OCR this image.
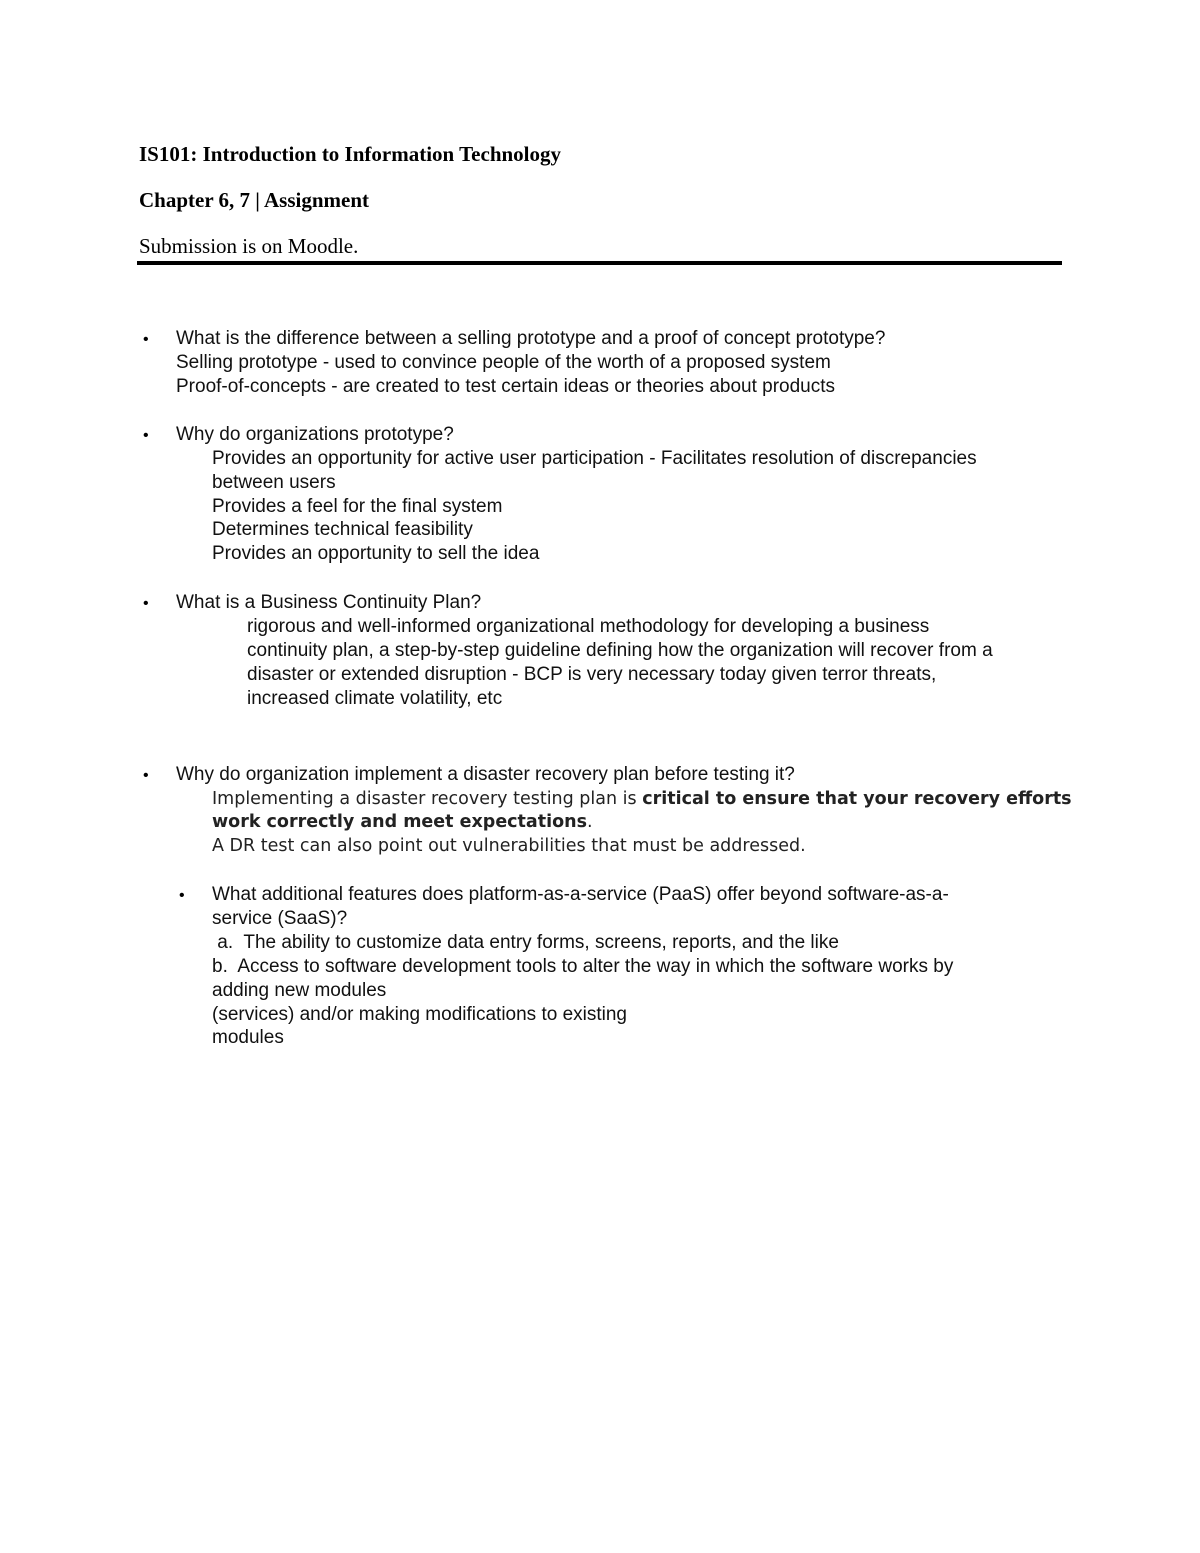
IS101: Introduction to Information Technology
Chapter 6, 7 | Assignment
Submission is on Moodle.
• What is the difference between a selling prototype and a proof of concept prototype?
Selling prototype - used to convince people of the worth of a proposed system
Proof-of-concepts - are created to test certain ideas or theories about products
• Why do organizations prototype?
Provides an opportunity for active user participation - Facilitates resolution of discrepancies
between users
Provides a feel for the final system
Determines technical feasibility
Provides an opportunity to sell the idea
• What is a Business Continuity Plan?
rigorous and well-informed organizational methodology for developing a business
continuity plan, a step-by-step guideline defining how the organization will recover from a
disaster or extended disruption - BCP is very necessary today given terror threats,
increased climate volatility, etc
• Why do organization implement a disaster recovery plan before testing it?
Implementing a disaster recovery testing plan is critical to ensure that your recovery efforts
work correctly and meet expectations.
A DR test can also point out vulnerabilities that must be addressed.
• What additional features does platform-as-a-service (PaaS) offer beyond software-as-a-
service (SaaS)?
a.  The ability to customize data entry forms, screens, reports, and the like
b.  Access to software development tools to alter the way in which the software works by
adding new modules
(services) and/or making modifications to existing
modules
